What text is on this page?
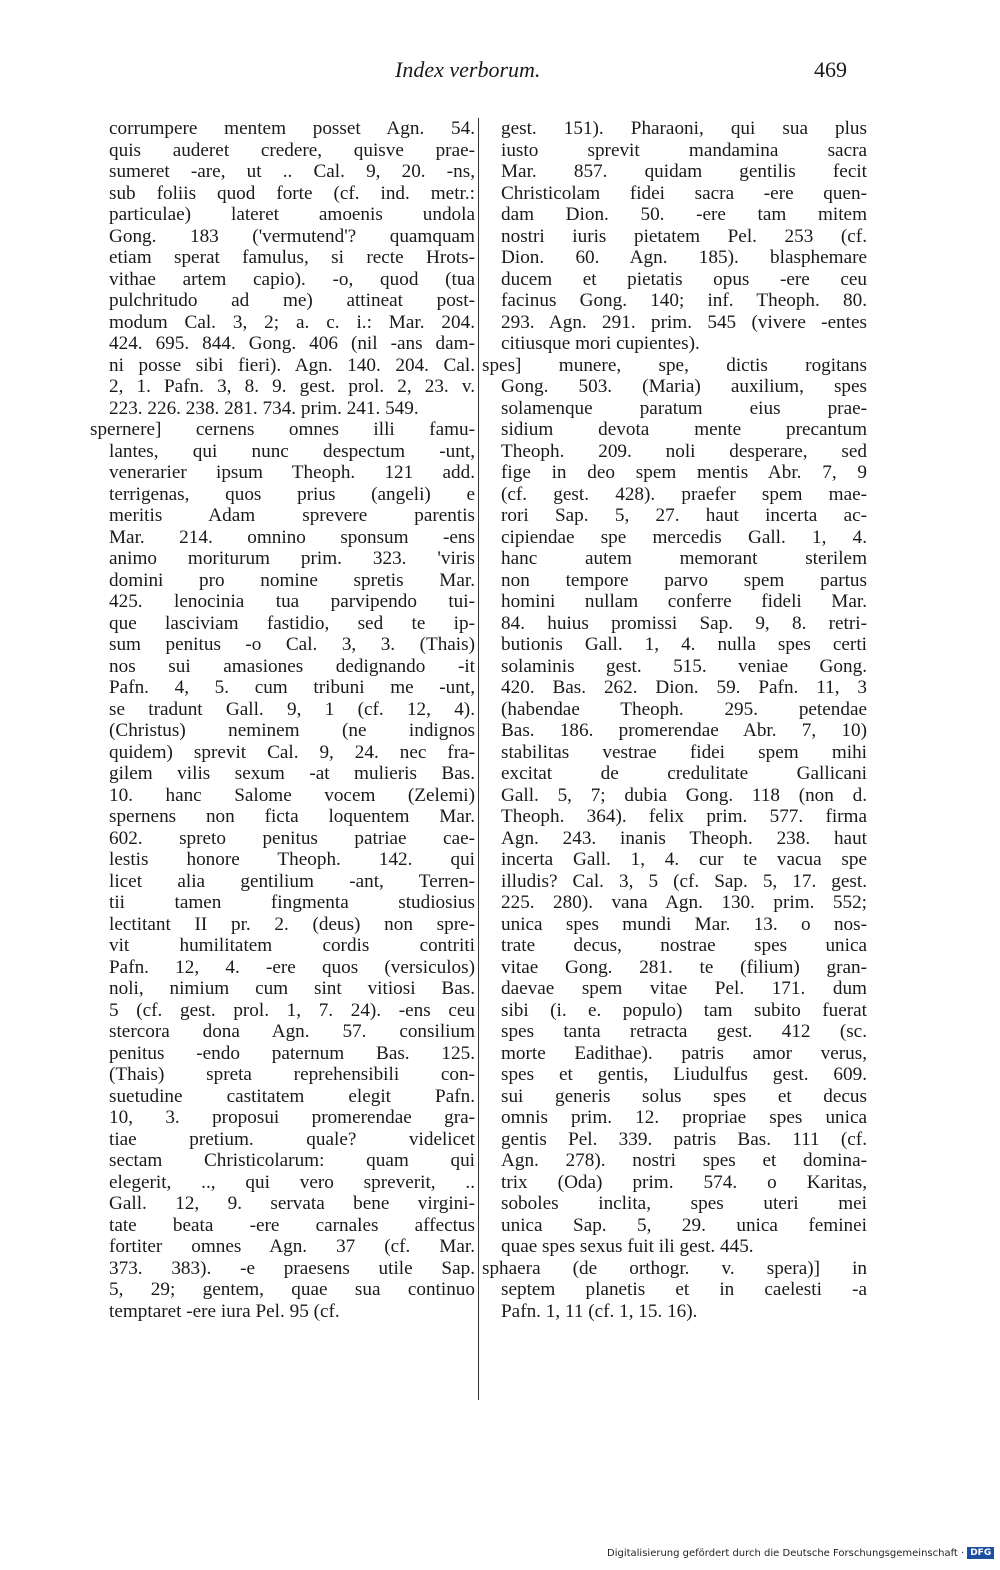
Index verborum.	469
corrumpere mentem posset Agn. 54.
quis auderet credere, quisve prae-
sumeret -are, ut .. Cal. 9, 20. -ns,
sub foliis quod forte (cf. ind. metr.:
particulae) lateret amoenis undola
Gong. 183 ('vermutend'? quamquam
etiam sperat famulus, si recte Hrots-
vithae artem capio). -o, quod (tua
pulchritudo ad me) attineat post-
modum Cal. 3, 2; a. c. i.: Mar. 204.
424. 695. 844. Gong. 406 (nil -ans dam-
ni posse sibi fieri). Agn. 140. 204. Cal.
2, 1. Pafn. 3, 8. 9. gest. prol. 2, 23. v.
223. 226. 238. 281. 734. prim. 241. 549.
spernere] cernens omnes illi famu-
lantes, qui nunc despectum -unt,
venerarier ipsum Theoph. 121 add.
terrigenas, quos prius (angeli) e
meritis Adam sprevere parentis
Mar. 214. omnino sponsum -ens
animo moriturum prim. 323. 'viris
domini pro nomine spretis Mar.
425. lenocinia tua parvipendo tui-
que lasciviam fastidio, sed te ip-
sum penitus -o Cal. 3, 3. (Thais)
nos sui amasiones dedignando -it
Pafn. 4, 5. cum tribuni me -unt,
se tradunt Gall. 9, 1 (cf. 12, 4).
(Christus) neminem (ne indignos
quidem) sprevit Cal. 9, 24. nec fra-
gilem vilis sexum -at mulieris Bas.
10. hanc Salome vocem (Zelemi)
spernens non ficta loquentem Mar.
602. spreto penitus patriae cae-
lestis honore Theoph. 142. qui
licet alia gentilium -ant, Terren-
tii tamen fingmenta studiosius
lectitant II pr. 2. (deus) non spre-
vit humilitatem cordis contriti
Pafn. 12, 4. -ere quos (versiculos)
noli, nimium cum sint vitiosi Bas.
5 (cf. gest. prol. 1, 7. 24). -ens ceu
stercora dona Agn. 57. consilium
penitus -endo paternum Bas. 125.
(Thais) spreta reprehensibili con-
suetudine castitatem elegit Pafn.
10, 3. proposui promerendae gra-
tiae pretium. quale? videlicet
sectam Christicolarum: quam qui
elegerit, .., qui vero spreverit, ..
Gall. 12, 9. servata bene virgini-
tate beata -ere carnales affectus
fortiter omnes Agn. 37 (cf. Mar.
373. 383). -e praesens utile Sap.
5, 29; gentem, quae sua continuo
temptaret -ere iura Pel. 95 (cf.
gest. 151). Pharaoni, qui sua plus
iusto sprevit mandamina sacra
Mar. 857. quidam gentilis fecit
Christicolam fidei sacra -ere quen-
dam Dion. 50. -ere tam mitem
nostri iuris pietatem Pel. 253 (cf.
Dion. 60. Agn. 185). blasphemare
ducem et pietatis opus -ere ceu
facinus Gong. 140; inf. Theoph. 80.
293. Agn. 291. prim. 545 (vivere -entes
citiusque mori cupientes).
spes] munere, spe, dictis rogitans
Gong. 503. (Maria) auxilium, spes
solamenque paratum eius prae-
sidium devota mente precantum
Theoph. 209. noli desperare, sed
fige in deo spem mentis Abr. 7, 9
(cf. gest. 428). praefer spem mae-
rori Sap. 5, 27. haut incerta ac-
cipiendae spe mercedis Gall. 1, 4.
hanc autem memorant sterilem
non tempore parvo spem partus
homini nullam conferre fideli Mar.
84. huius promissi Sap. 9, 8. retri-
butionis Gall. 1, 4. nulla spes certi
solaminis gest. 515. veniae Gong.
420. Bas. 262. Dion. 59. Pafn. 11, 3
(habendae Theoph. 295. petendae
Bas. 186. promerendae Abr. 7, 10)
stabilitas vestrae fidei spem mihi
excitat de credulitate Gallicani
Gall. 5, 7; dubia Gong. 118 (non d.
Theoph. 364). felix prim. 577. firma
Agn. 243. inanis Theoph. 238. haut
incerta Gall. 1, 4. cur te vacua spe
illudis? Cal. 3, 5 (cf. Sap. 5, 17. gest.
225. 280). vana Agn. 130. prim. 552;
unica spes mundi Mar. 13. o nos-
trate decus, nostrae spes unica
vitae Gong. 281. te (filium) gran-
daevae spem vitae Pel. 171. dum
sibi (i. e. populo) tam subito fuerat
spes tanta retracta gest. 412 (sc.
morte Eadithae). patris amor verus,
spes et gentis, Liudulfus gest. 609.
sui generis solus spes et decus
omnis prim. 12. propriae spes unica
gentis Pel. 339. patris Bas. 111 (cf.
Agn. 278). nostri spes et domina-
trix (Oda) prim. 574. o Karitas,
soboles inclita, spes uteri mei
unica Sap. 5, 29. unica feminei
quae spes sexus fuit ili gest. 445.
sphaera (de orthogr. v. spera)] in
septem planetis et in caelesti -a
Pafn. 1, 11 (cf. 1, 15. 16).
Digitalisierung gefördert durch die Deutsche Forschungsgemeinschaft · DFG
